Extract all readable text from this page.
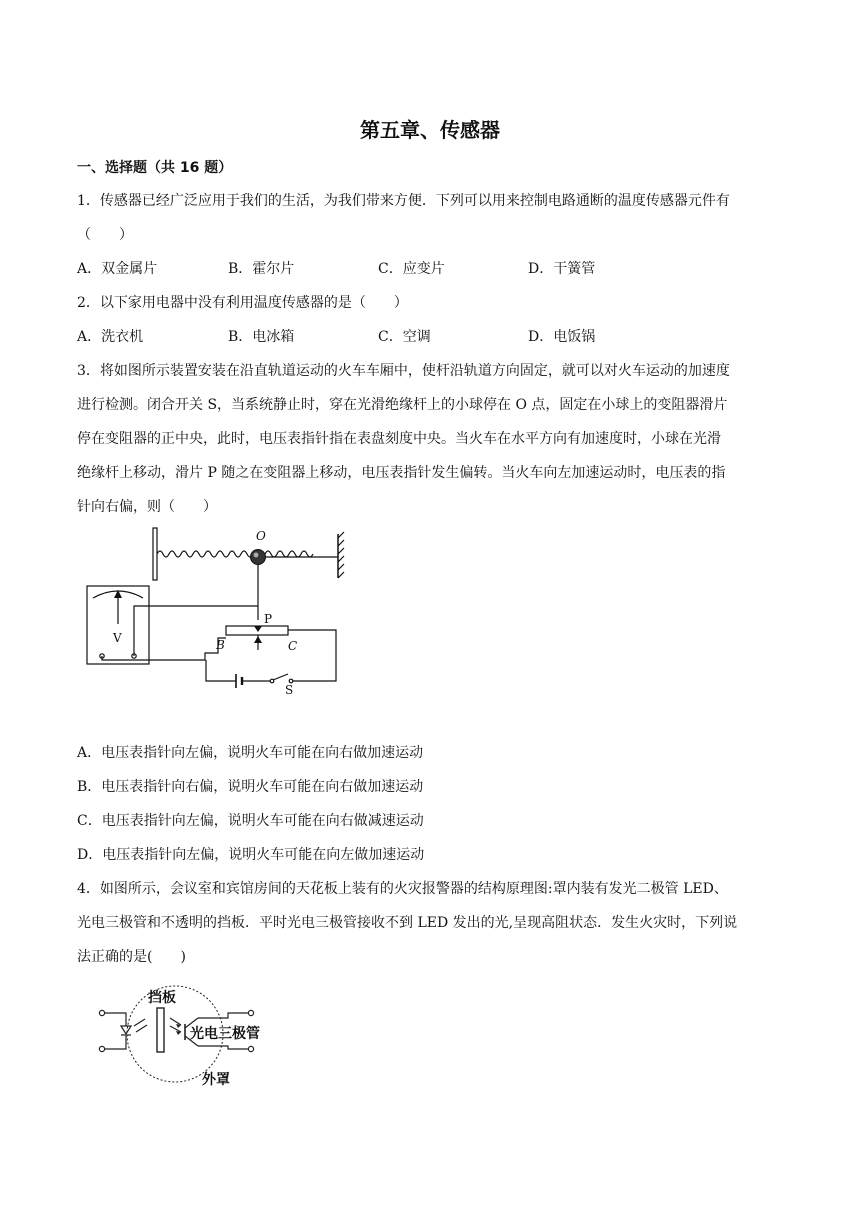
第五章、传感器
一、选择题（共 16 题）
1．传感器已经广泛应用于我们的生活，为我们带来方便．下列可以用来控制电路通断的温度传感器元件有
（　　）
A．双金属片	B．霍尔片	C．应变片	D．干簧管
2．以下家用电器中没有利用温度传感器的是（　　）
A．洗衣机	B．电冰箱	C．空调	D．电饭锅
3．将如图所示装置安装在沿直轨道运动的火车车厢中，使杆沿轨道方向固定，就可以对火车运动的加速度
进行检测。闭合开关 S，当系统静止时，穿在光滑绝缘杆上的小球停在 O 点，固定在小球上的变阻器滑片
停在变阻器的正中央，此时，电压表指针指在表盘刻度中央。当火车在水平方向有加速度时，小球在光滑
绝缘杆上移动，滑片 P 随之在变阻器上移动，电压表指针发生偏转。当火车向左加速运动时，电压表的指
针向右偏，则（　　）
O
P
B	C
V
S
A．电压表指针向左偏，说明火车可能在向右做加速运动
B．电压表指针向右偏，说明火车可能在向右做加速运动
C．电压表指针向左偏，说明火车可能在向右做减速运动
D．电压表指针向左偏，说明火车可能在向左做加速运动
4．如图所示，会议室和宾馆房间的天花板上装有的火灾报警器的结构原理图:罩内装有发光二极管 LED、
光电三极管和不透明的挡板．平时光电三极管接收不到 LED 发出的光,呈现高阻状态．发生火灾时，下列说
法正确的是(　　)
挡板
光电三极管
外罩
